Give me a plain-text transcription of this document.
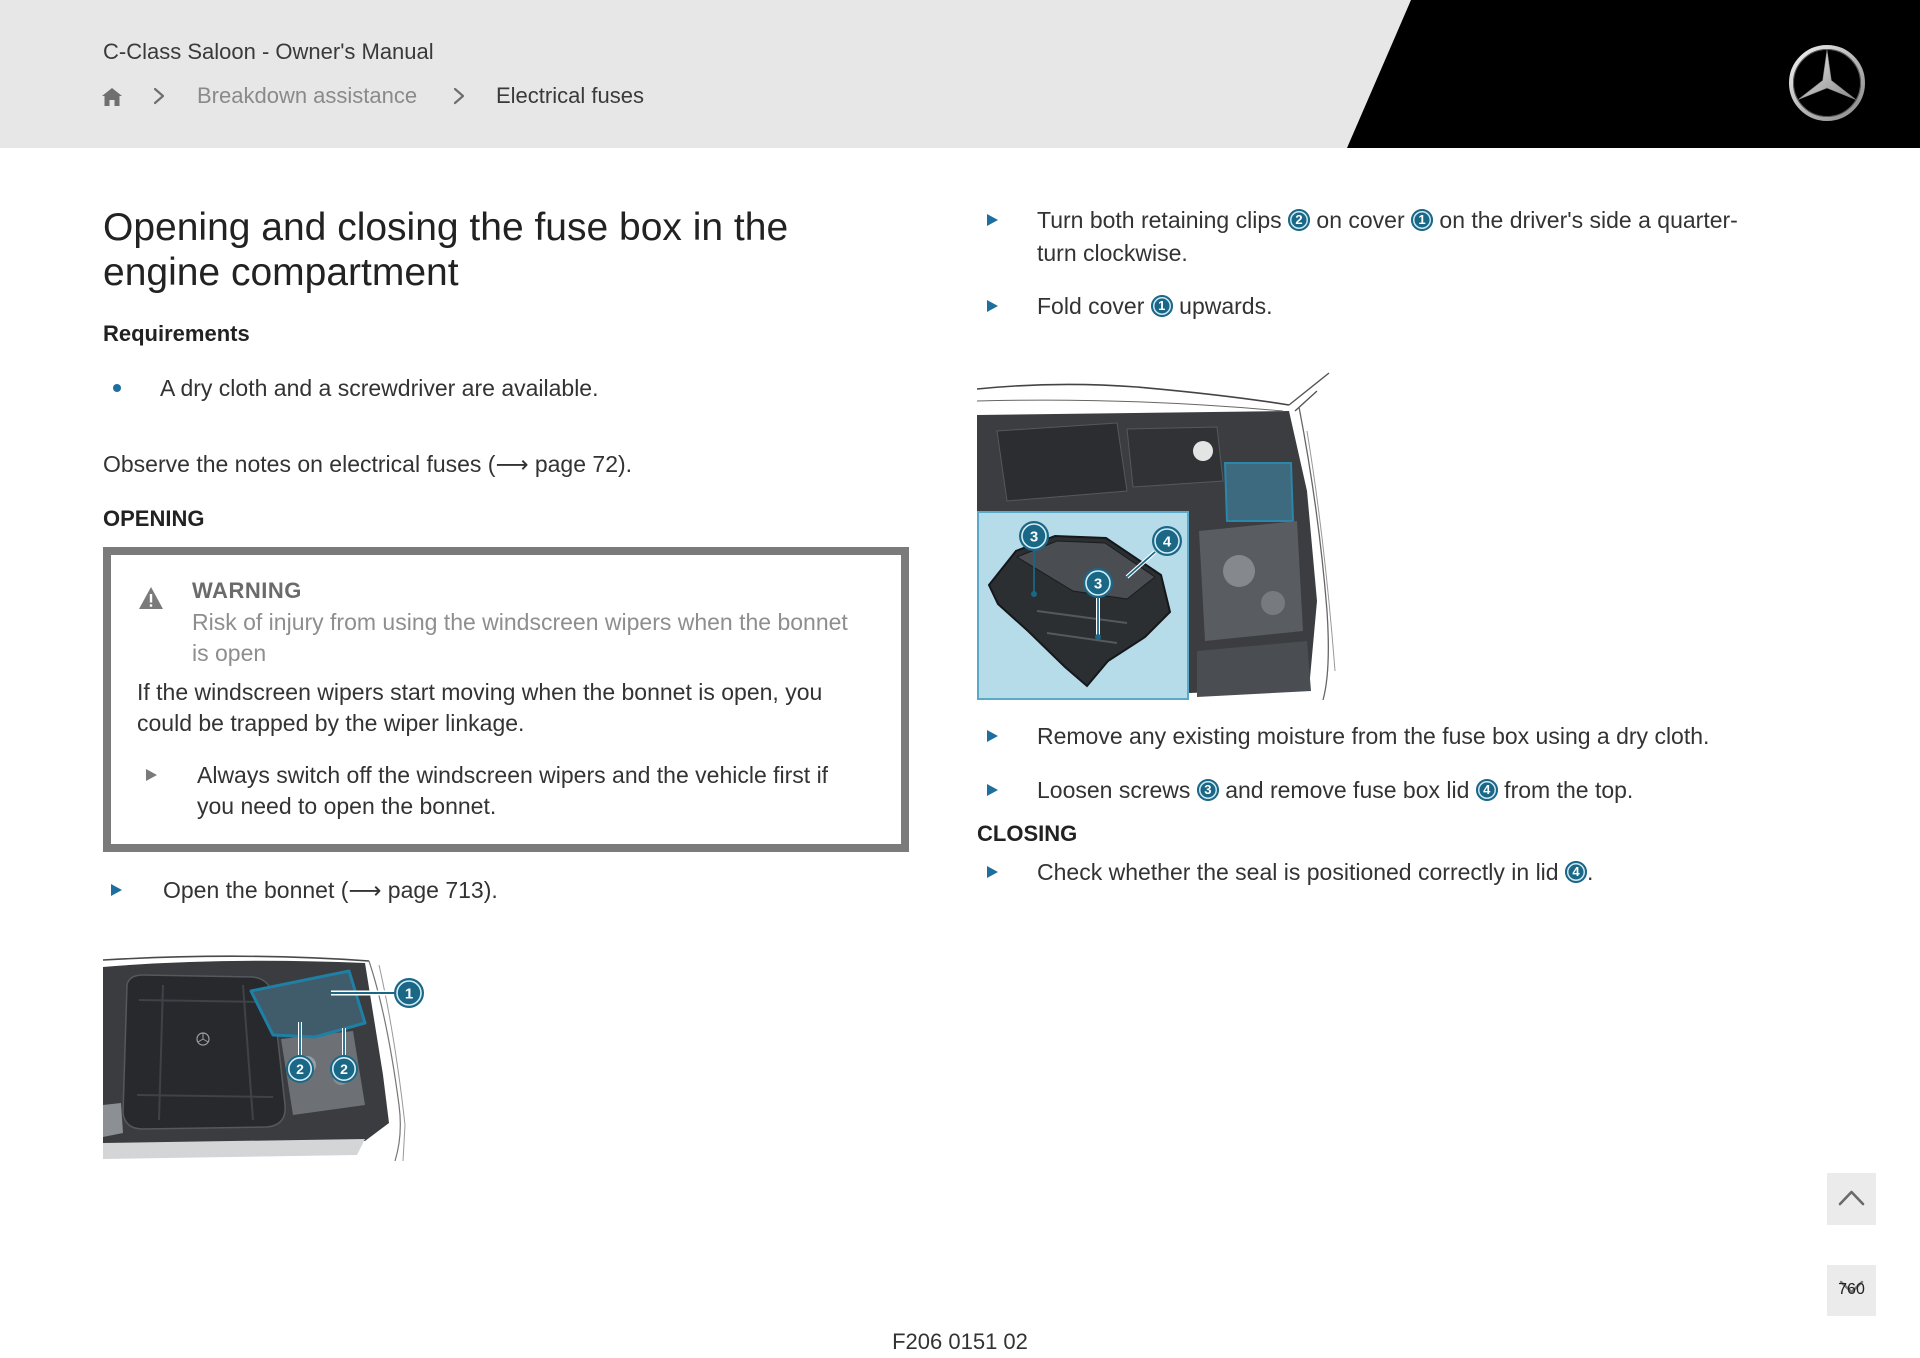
C-Class Saloon - Owner's Manual
Breakdown assistance	Electrical fuses
Opening and closing the fuse box in the engine compartment
Requirements
A dry cloth and a screwdriver are available.
Observe the notes on electrical fuses (⟶ page 72).
OPENING
WARNING
Risk of injury from using the windscreen wipers when the bonnet is open
If the windscreen wipers start moving when the bonnet is open, you could be trapped by the wiper linkage.
Always switch off the windscreen wipers and the vehicle first if you need to open the bonnet.
Open the bonnet (⟶ page 713).
1
2	2

Turn both retaining clips 2 on cover 1 on the driver's side a quarter-turn clockwise.

Fold cover 1 upwards.

3	4
3

Remove any existing moisture from the fuse box using a dry cloth.

Loosen screws 3 and remove fuse box lid 4 from the top.

CLOSING

Check whether the seal is positioned correctly in lid 4 .

760
F206 0151 02
